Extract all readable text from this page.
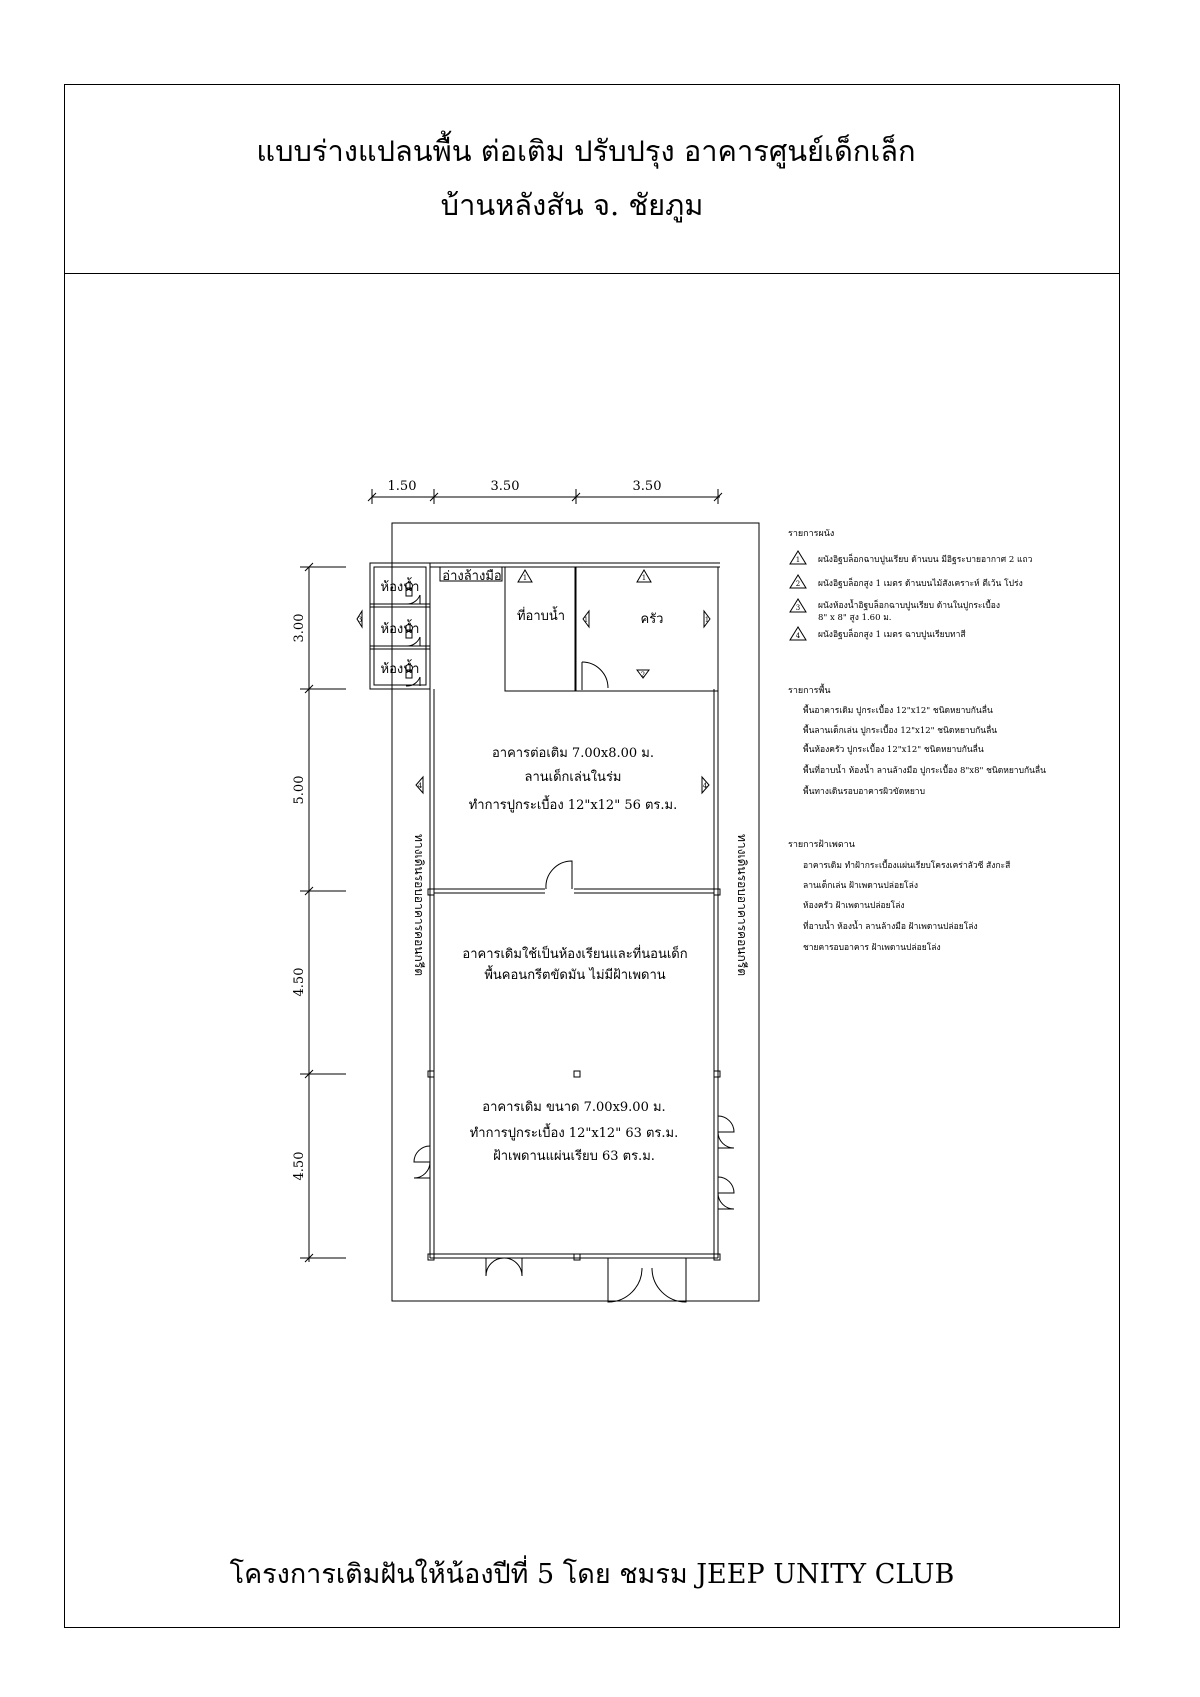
แบบร่างแปลนพื้น ต่อเติม ปรับปรุง อาคารศูนย์เด็กเล็ก
บ้านหลังสัน จ. ชัยภูม
1.50	3.50	3.50
3.00
5.00
4.50
4.50
ห้องน้ำ
ห้องน้ำ
ห้องน้ำ
อ่างล้างมือ
ที่อาบน้ำ	ครัว
อาคารต่อเติม 7.00x8.00 ม.
ลานเด็กเล่นในร่ม
ทำการปูกระเบื้อง 12"x12" 56 ตร.ม.
อาคารเดิมใช้เป็นห้องเรียนและที่นอนเด็ก
พื้นคอนกรีตขัดมัน ไม่มีฝ้าเพดาน
อาคารเดิม ขนาด 7.00x9.00 ม.
ทำการปูกระเบื้อง 12"x12" 63 ตร.ม.
ฝ้าเพดานแผ่นเรียบ 63 ตร.ม.
ทางเดินรอบอาคารคอนกรีต	ทางเดินรอบอาคารคอนกรีต
1	1
1	1
2
3
4	4
รายการผนัง
1 ผนังอิฐบล็อกฉาบปูนเรียบ ด้านบน มีอิฐระบายอากาศ 2 แถว
2 ผนังอิฐบล็อกสูง 1 เมตร ด้านบนไม้สังเคราะห์ ตีเว้น โปร่ง
3 ผนังห้องน้ำอิฐบล็อกฉาบปูนเรียบ ด้านในปูกระเบื้อง
8" x 8" สูง 1.60 ม.
4 ผนังอิฐบล็อกสูง 1 เมตร ฉาบปูนเรียบทาสี
รายการพื้น
พื้นอาคารเดิม ปูกระเบื้อง 12"x12" ชนิดหยาบกันลื่น
พื้นลานเด็กเล่น ปูกระเบื้อง 12"x12" ชนิดหยาบกันลื่น
พื้นห้องครัว ปูกระเบื้อง 12"x12" ชนิดหยาบกันลื่น
พื้นที่อาบน้ำ ห้องน้ำ ลานล้างมือ ปูกระเบื้อง 8"x8" ชนิดหยาบกันลื่น
พื้นทางเดินรอบอาคารผิวขัดหยาบ
รายการฝ้าเพดาน
อาคารเดิม ทำฝ้ากระเบื้องแผ่นเรียบโครงเคร่าลัวซี สังกะสี
ลานเด็กเล่น ฝ้าเพดานปล่อยโล่ง
ห้องครัว ฝ้าเพดานปล่อยโล่ง
ที่อาบน้ำ ห้องน้ำ ลานล้างมือ ฝ้าเพดานปล่อยโล่ง
ชายคารอบอาคาร ฝ้าเพดานปล่อยโล่ง
โครงการเติมฝันให้น้องปีที่ 5 โดย ชมรม JEEP UNITY CLUB
